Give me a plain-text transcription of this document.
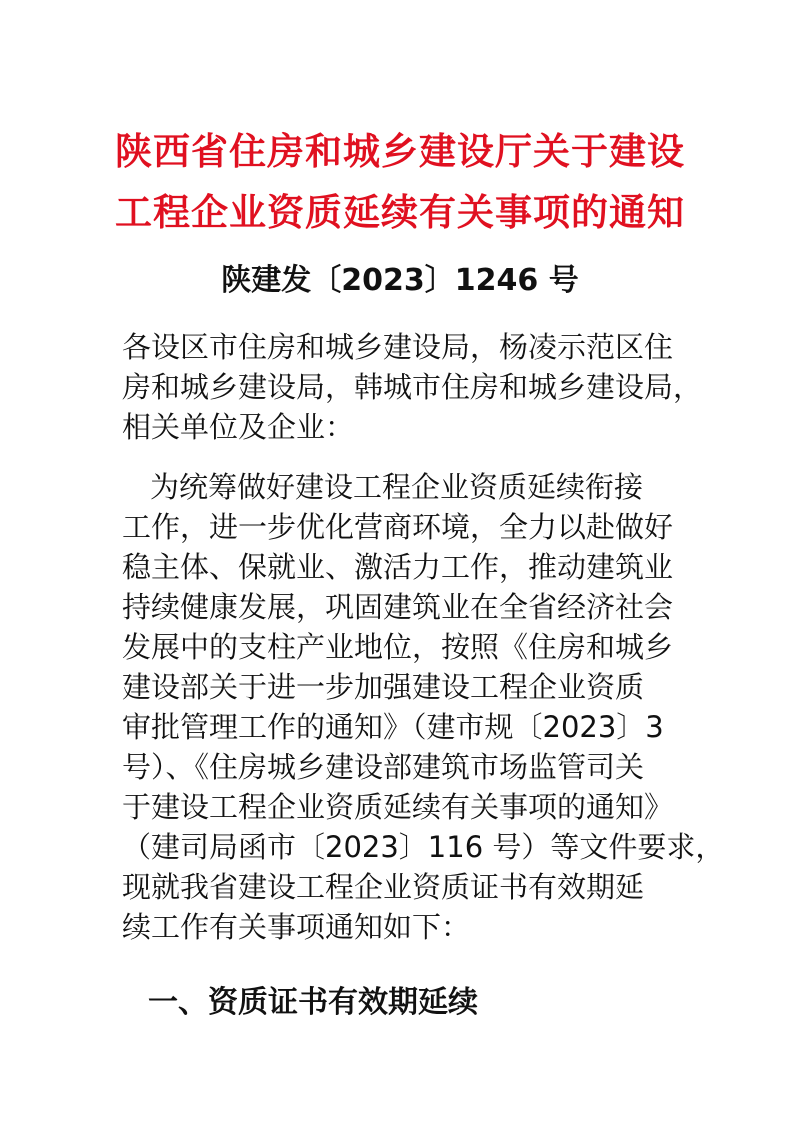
陕西省住房和城乡建设厅关于建设
工程企业资质延续有关事项的通知
陕建发〔2023〕1246 号
各设区市住房和城乡建设局，杨凌示范区住
房和城乡建设局，韩城市住房和城乡建设局，
相关单位及企业：
为统筹做好建设工程企业资质延续衔接
工作，进一步优化营商环境，全力以赴做好
稳主体、保就业、激活力工作，推动建筑业
持续健康发展，巩固建筑业在全省经济社会
发展中的支柱产业地位，按照《住房和城乡
建设部关于进一步加强建设工程企业资质
审批管理工作的通知》（建市规〔2023〕3
号）、《住房城乡建设部建筑市场监管司关
于建设工程企业资质延续有关事项的通知》
（建司局函市〔2023〕116 号）等文件要求，
现就我省建设工程企业资质证书有效期延
续工作有关事项通知如下：
一、资质证书有效期延续
